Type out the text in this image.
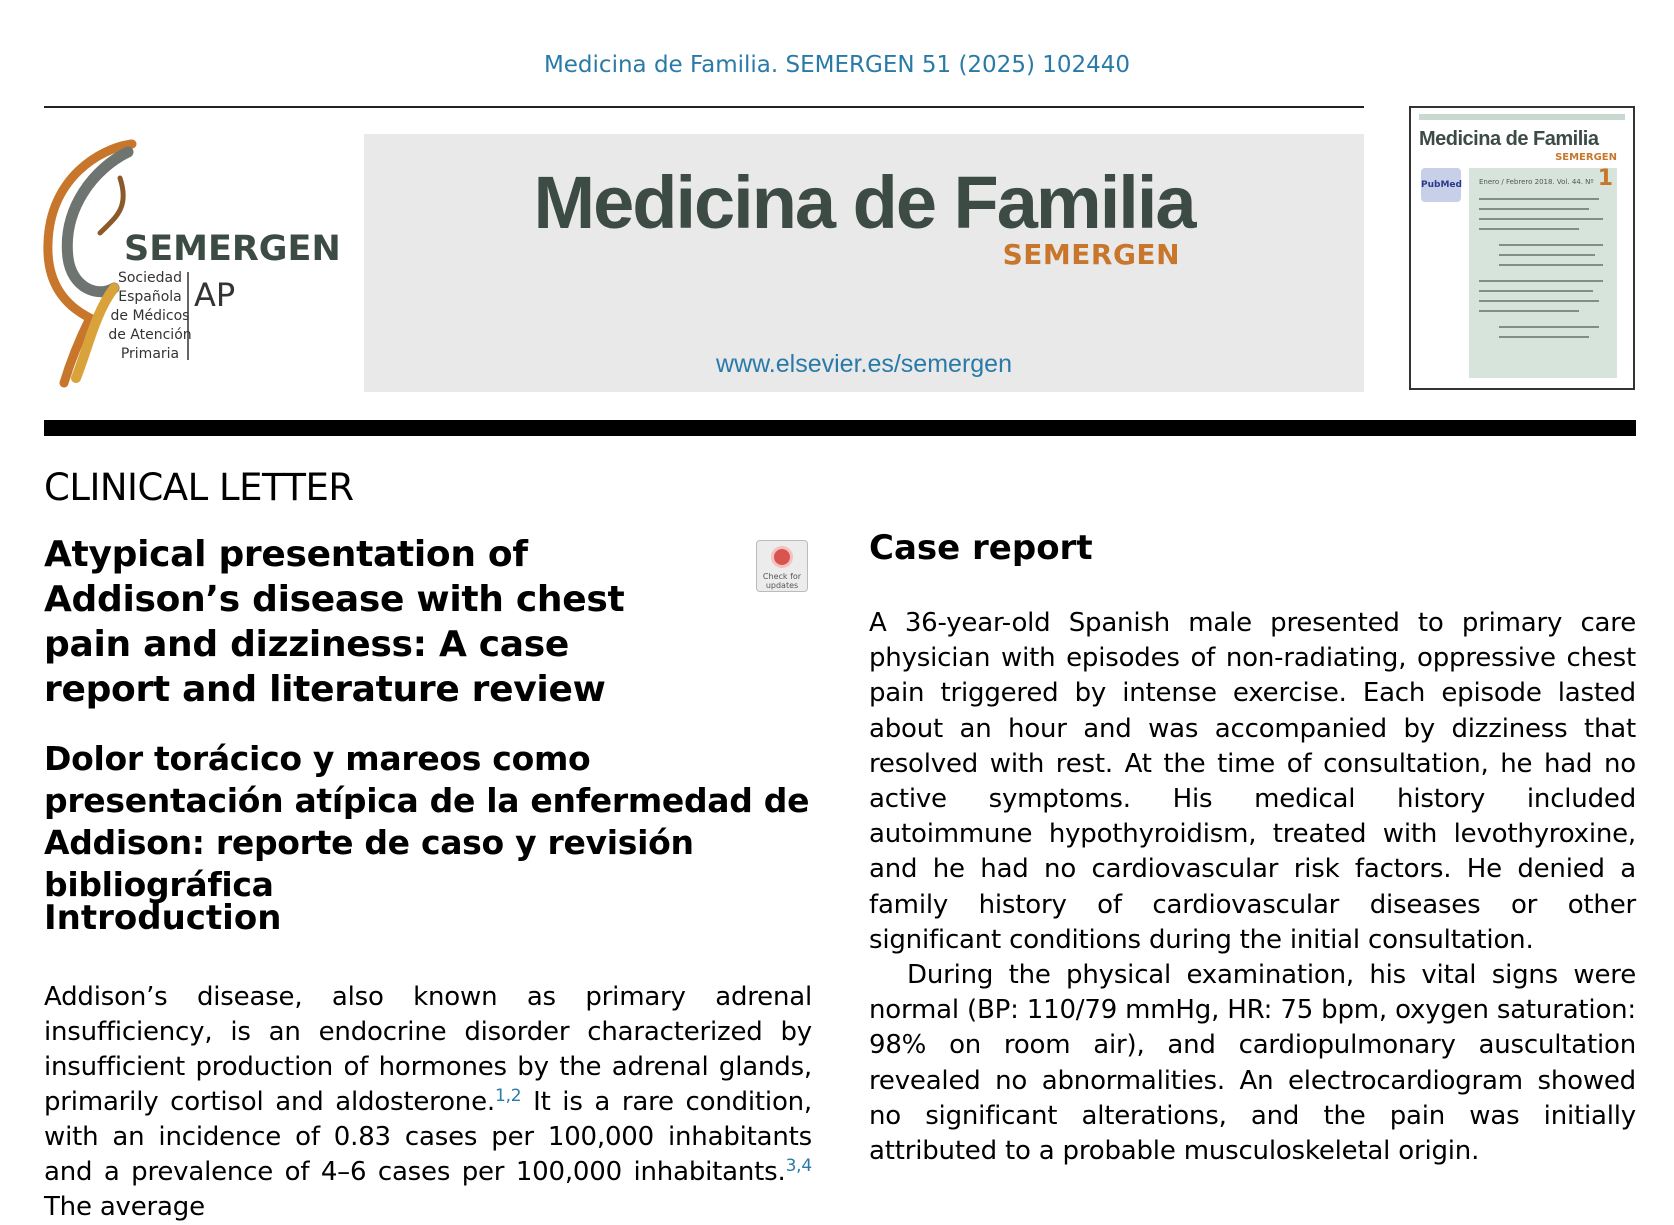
Medicina de Familia. SEMERGEN 51 (2025) 102440
SEMERGEN
Sociedad
Española
de Médicos
de Atención
Primaria
AP
Medicina de Familia
SEMERGEN
www.elsevier.es/semergen
Medicina de Familia
SEMERGEN
PubMed Enero / Febrero 2018. Vol. 44. Nº 1
CLINICAL LETTER
Atypical presentation of Addison’s disease with chest pain and dizziness: A case report and literature review
Check for updates
Dolor torácico y mareos como presentación atípica de la enfermedad de Addison: reporte de caso y revisión bibliográfica
Introduction

Addison’s disease, also known as primary adrenal insufficiency, is an endocrine disorder characterized by insufficient production of hormones by the adrenal glands, primarily cortisol and aldosterone.$^{1,2}$ It is a rare condition, with an incidence of 0.83 cases per 100,000 inhabitants and a prevalence of 4–6 cases per 100,000 inhabitants.$^{3,4}$ The average

Case report

A 36-year-old Spanish male presented to primary care physician with episodes of non-radiating, oppressive chest pain triggered by intense exercise. Each episode lasted about an hour and was accompanied by dizziness that resolved with rest. At the time of consultation, he had no active symptoms. His medical history included autoimmune hypothyroidism, treated with levothyroxine, and he had no cardiovascular risk factors. He denied a family history of cardiovascular diseases or other significant conditions during the initial consultation.

During the physical examination, his vital signs were normal (BP: 110/79 mmHg, HR: 75 bpm, oxygen saturation: 98% on room air), and cardiopulmonary auscultation revealed no abnormalities. An electrocardiogram showed no significant alterations, and the pain was initially attributed to a probable musculoskeletal origin.
